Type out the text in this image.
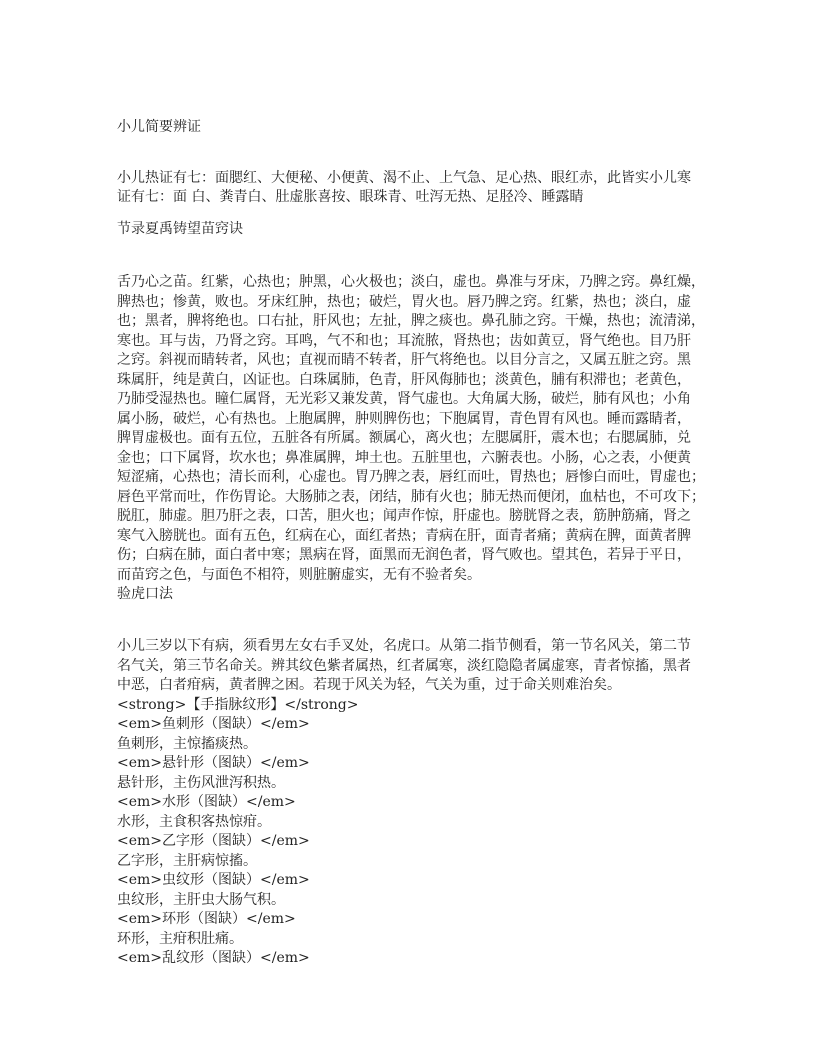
小儿简要辨证
小儿热证有七：面腮红、大便秘、小便黄、渴不止、上气急、足心热、眼红赤，此皆实小儿寒
证有七：面 白、粪青白、肚虚胀喜按、眼珠青、吐泻无热、足胫冷、睡露睛
节录夏禹铸望苗窍诀
舌乃心之苗。红紫，心热也；肿黑，心火极也；淡白，虚也。鼻准与牙床，乃脾之窍。鼻红燥，
脾热也；惨黄，败也。牙床红肿，热也；破烂，胃火也。唇乃脾之窍。红紫，热也；淡白，虚
也；黑者，脾将绝也。口右扯，肝风也；左扯，脾之痰也。鼻孔肺之窍。干燥，热也；流清涕，
寒也。耳与齿，乃肾之窍。耳鸣，气不和也；耳流脓，肾热也；齿如黄豆，肾气绝也。目乃肝
之窍。斜视而睛转者，风也；直视而睛不转者，肝气将绝也。以目分言之，又属五脏之窍。黑
珠属肝，纯是黄白，凶证也。白珠属肺，色青，肝风侮肺也；淡黄色，脯有积滞也；老黄色，
乃肺受湿热也。瞳仁属肾，无光彩又兼发黄，肾气虚也。大角属大肠，破烂，肺有风也；小角
属小肠，破烂，心有热也。上胞属脾，肿则脾伤也；下胞属胃，青色胃有风也。睡而露睛者，
脾胃虚极也。面有五位，五脏各有所属。额属心，离火也；左腮属肝，震木也；右腮属肺，兑
金也；口下属肾，坎水也；鼻准属脾，坤土也。五脏里也，六腑表也。小肠，心之表，小便黄
短涩痛，心热也；清长而利，心虚也。胃乃脾之表，唇红而吐，胃热也；唇惨白而吐，胃虚也；
唇色平常而吐，作伤胃论。大肠肺之表，闭结，肺有火也；肺无热而便闭，血枯也，不可攻下；
脱肛，肺虚。胆乃肝之表，口苦，胆火也；闻声作惊，肝虚也。膀胱肾之表，筋肿筋痛，肾之
寒气入膀胱也。面有五色，红病在心，面红者热；青病在肝，面青者痛；黄病在脾，面黄者脾
伤；白病在肺，面白者中寒；黑病在肾，面黑而无润色者，肾气败也。望其色，若异于平日，
而苗窍之色，与面色不相符，则脏腑虚实，无有不验者矣。
验虎口法
小儿三岁以下有病，须看男左女右手叉处，名虎口。从第二指节侧看，第一节名风关，第二节
名气关，第三节名命关。辨其纹色紫者属热，红者属寒，淡红隐隐者属虚寒，青者惊搐，黑者
中恶，白者疳病，黄者脾之困。若现于风关为轻，气关为重，过于命关则难治矣。
<strong>【手指脉纹形】</strong>
<em>鱼刺形（图缺）</em>
鱼刺形，主惊搐痰热。
<em>悬针形（图缺）</em>
悬针形，主伤风泄泻积热。
<em>水形（图缺）</em>
水形，主食积客热惊疳。
<em>乙字形（图缺）</em>
乙字形，主肝病惊搐。
<em>虫纹形（图缺）</em>
虫纹形，主肝虫大肠气积。
<em>环形（图缺）</em>
环形，主疳积肚痛。
<em>乱纹形（图缺）</em>
